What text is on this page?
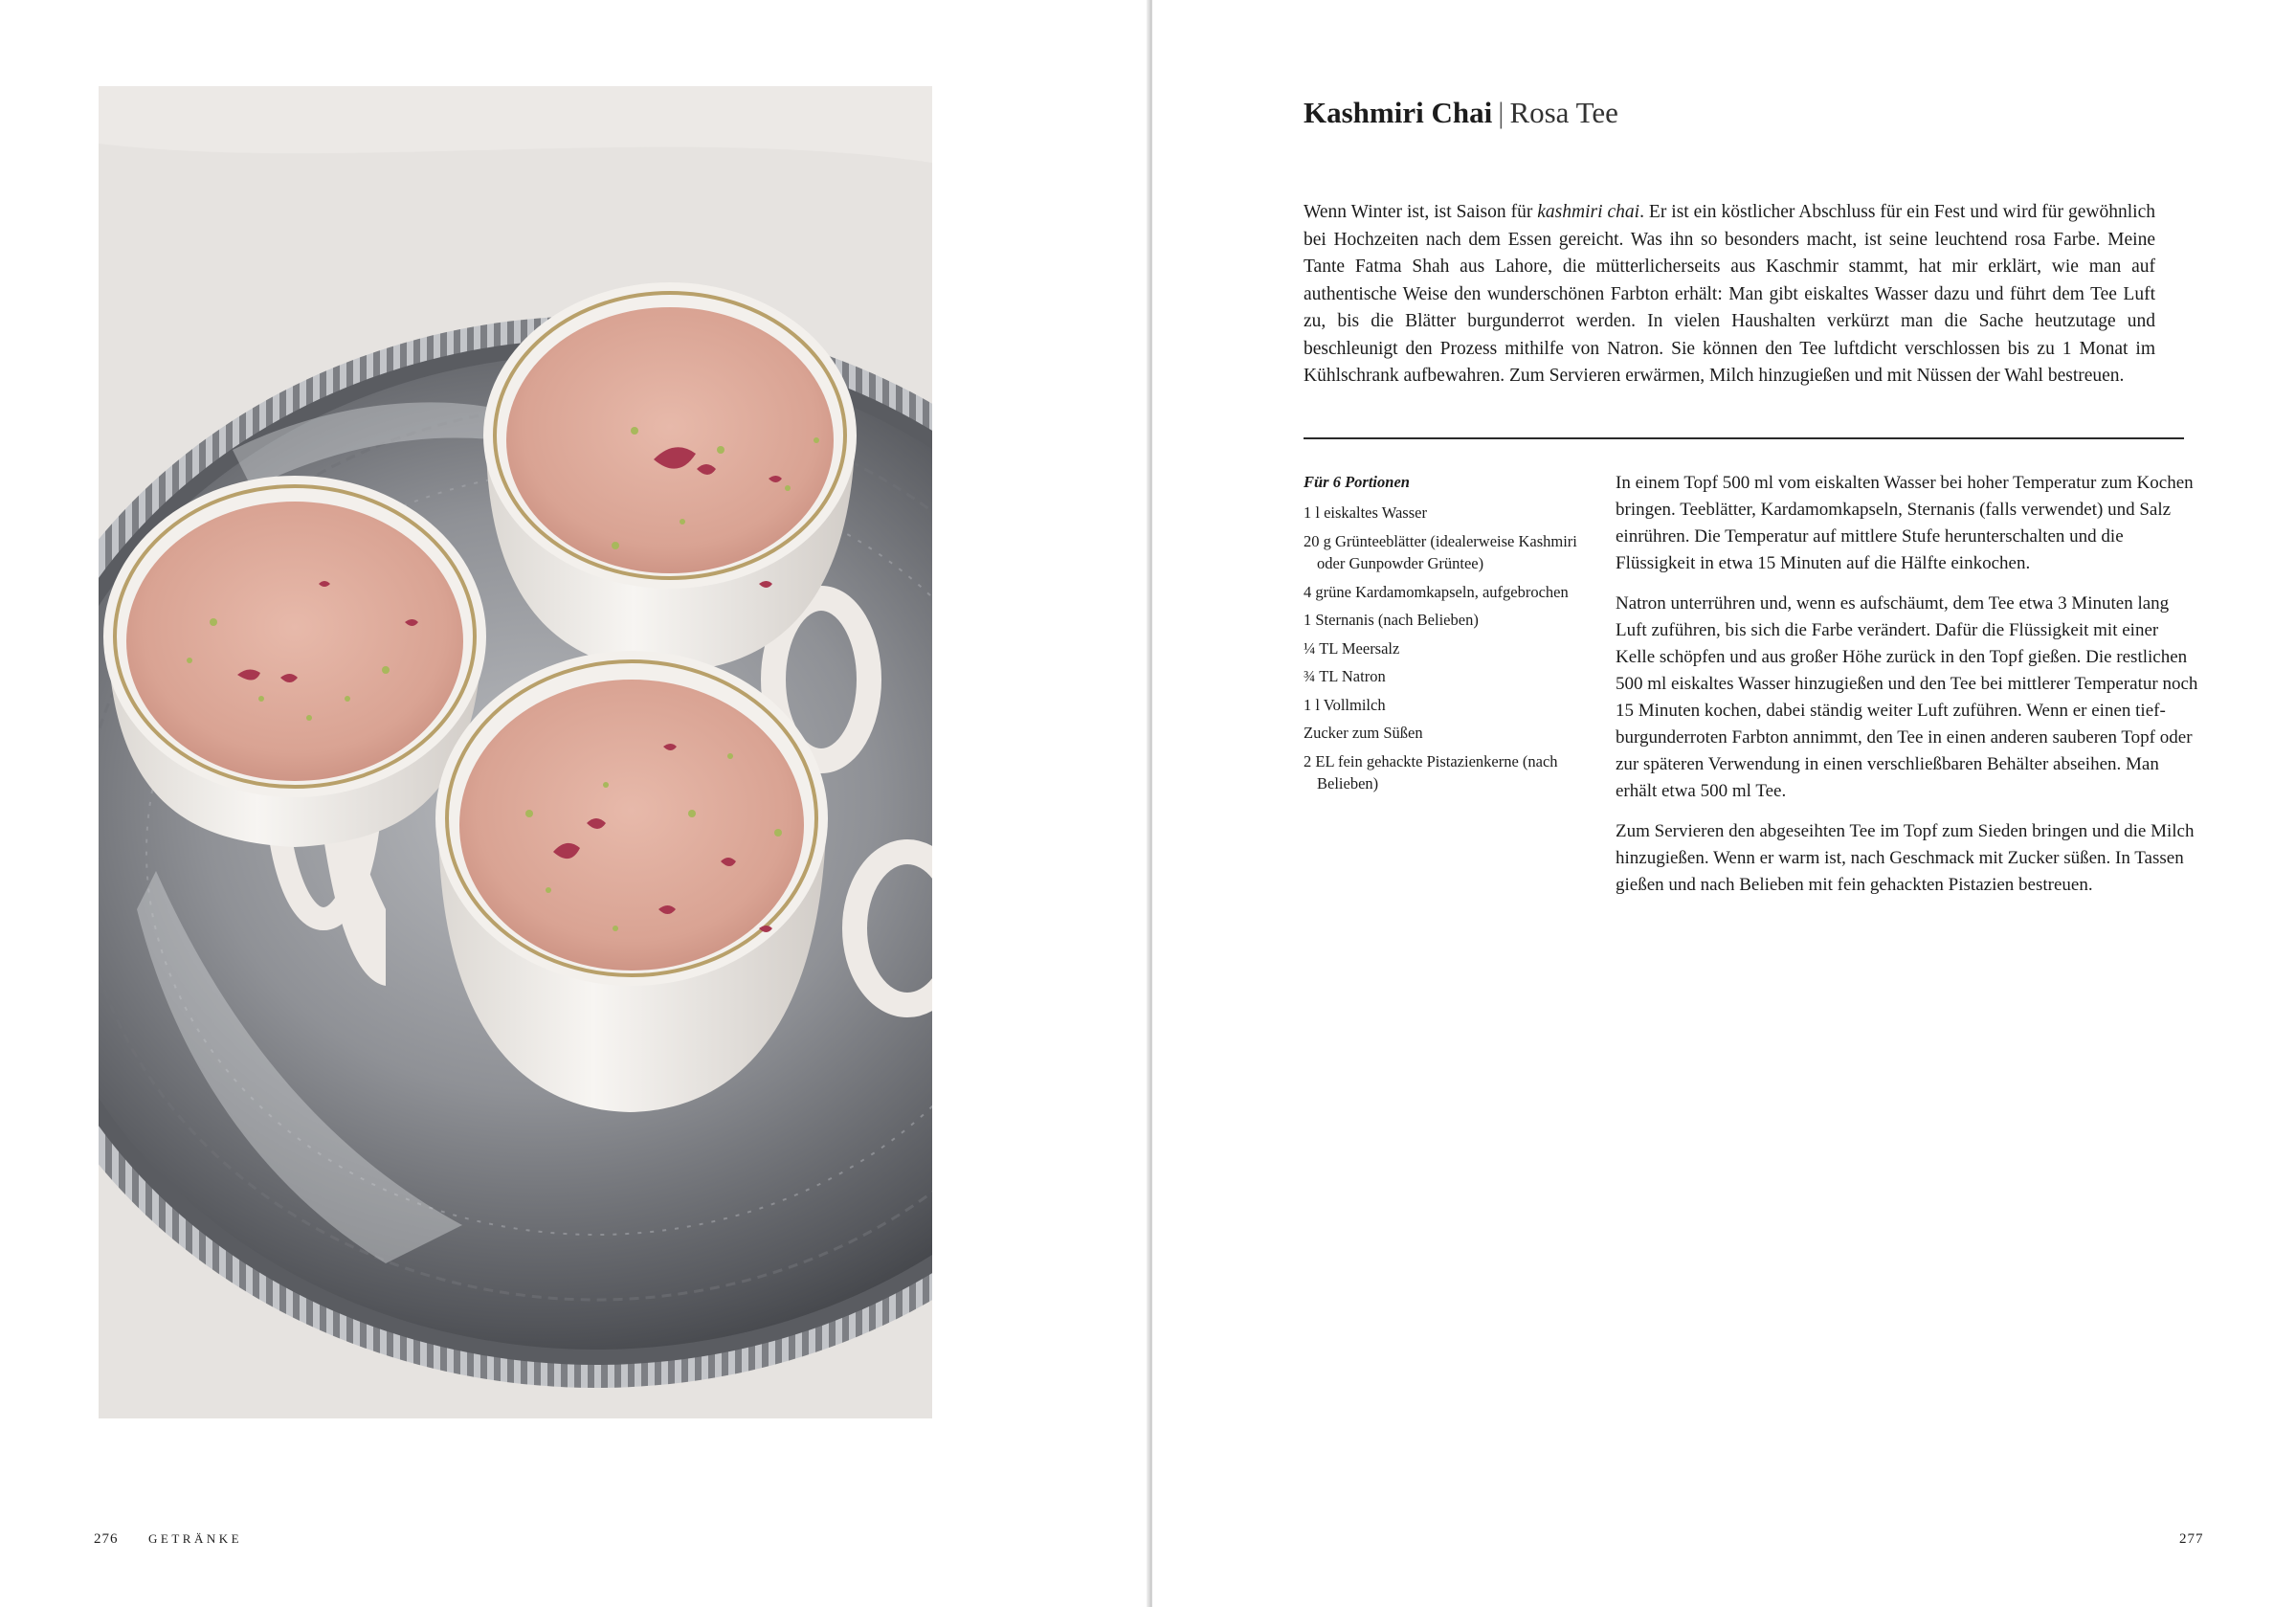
276 GETRÄNKE
Kashmiri Chai | Rosa Tee

Wenn Winter ist, ist Saison für kashmiri chai. Er ist ein köstlicher Abschluss für ein Fest und wird für gewöhnlich bei Hochzeiten nach dem Essen gereicht. Was ihn so besonders macht, ist seine leuchtend rosa Farbe. Meine Tante Fatma Shah aus Lahore, die mütterlicherseits aus Kaschmir stammt, hat mir erklärt, wie man auf authentische Weise den wunderschönen Farbton erhält: Man gibt eiskaltes Wasser dazu und führt dem Tee Luft zu, bis die Blätter burgunderrot werden. In vielen Haushalten verkürzt man die Sache heutzutage und beschleunigt den Prozess mithilfe von Natron. Sie können den Tee luftdicht verschlossen bis zu 1 Monat im Kühlschrank aufbewahren. Zum Servieren erwärmen, Milch hinzugießen und mit Nüssen der Wahl bestreuen.

Für 6 Portionen

1 l eiskaltes Wasser
20 g Grünteeblätter (idealerweise Kashmiri oder Gunpowder Grüntee)
4 grüne Kardamomkapseln, aufgebrochen
1 Sternanis (nach Belieben)
¼ TL Meersalz
¾ TL Natron
1 l Vollmilch
Zucker zum Süßen
2 EL fein gehackte Pistazienkerne (nach Belieben)

In einem Topf 500 ml vom eiskalten Wasser bei hoher Temperatur zum Kochen bringen. Teeblätter, Kardamomkapseln, Sternanis (falls verwendet) und Salz einrühren. Die Temperatur auf mittlere Stufe herunterschalten und die Flüssigkeit in etwa 15 Minuten auf die Hälfte einkochen.

Natron unterrühren und, wenn es aufschäumt, dem Tee etwa 3 Minuten lang Luft zuführen, bis sich die Farbe verändert. Dafür die Flüssigkeit mit einer Kelle schöpfen und aus großer Höhe zurück in den Topf gießen. Die restlichen 500 ml eiskaltes Wasser hinzugießen und den Tee bei mittlerer Temperatur noch 15 Minuten kochen, dabei ständig weiter Luft zuführen. Wenn er einen tief-burgunderroten Farbton annimmt, den Tee in einen anderen sauberen Topf oder zur späteren Verwendung in einen verschließbaren Behälter abseihen. Man erhält etwa 500 ml Tee.

Zum Servieren den abgeseihten Tee im Topf zum Sieden bringen und die Milch hinzugießen. Wenn er warm ist, nach Geschmack mit Zucker süßen. In Tassen gießen und nach Belieben mit fein gehackten Pistazien bestreuen.

277
